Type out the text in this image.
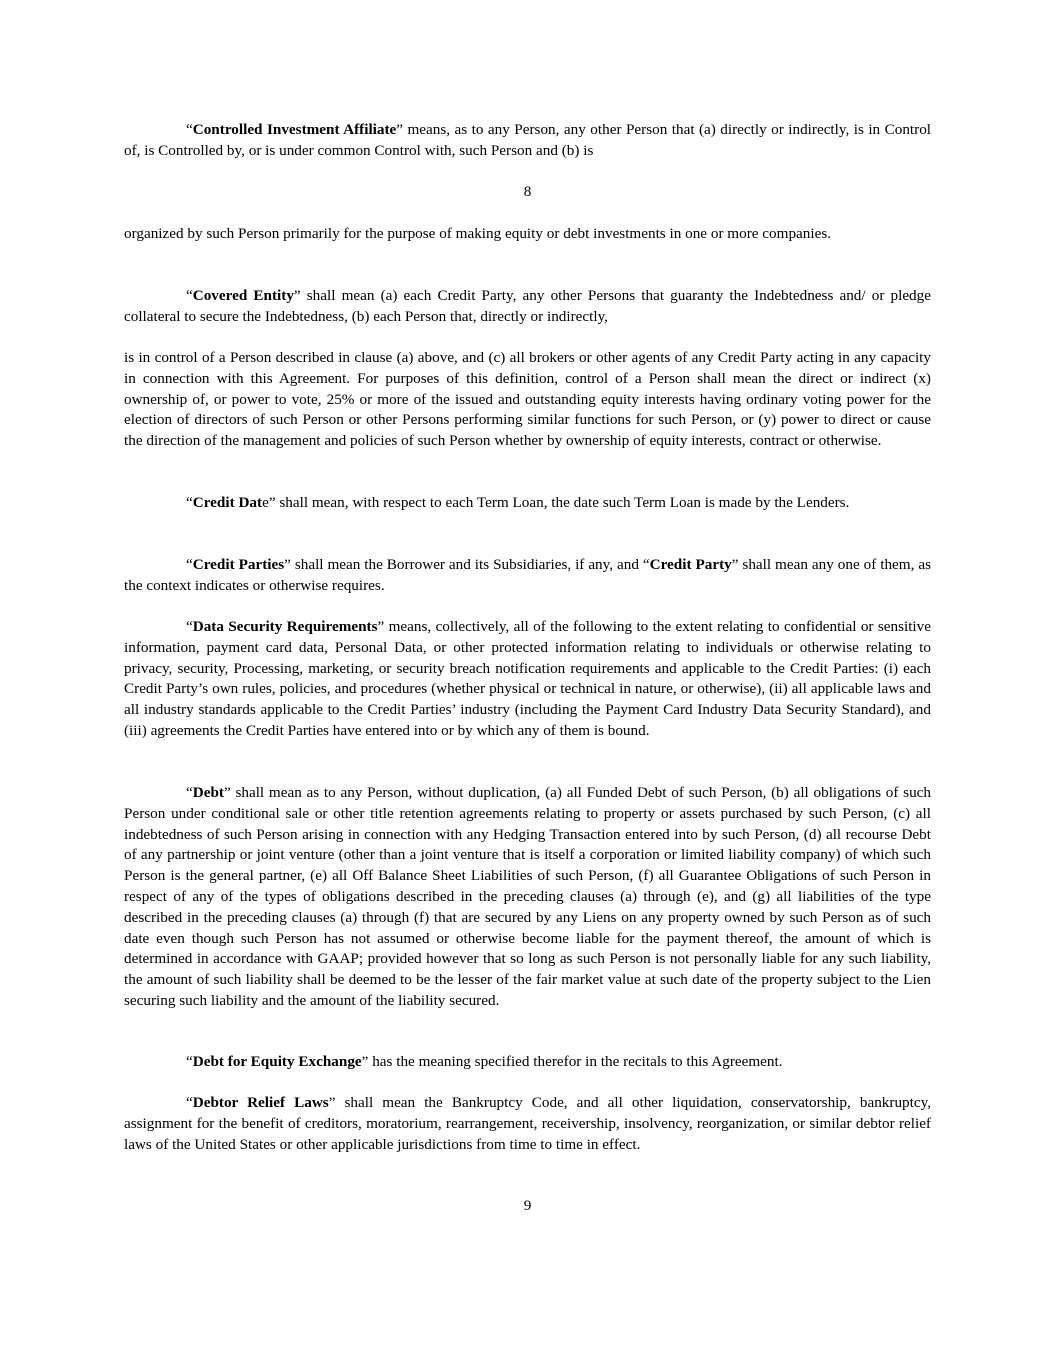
“Controlled Investment Affiliate” means, as to any Person, any other Person that (a) directly or indirectly, is in Control of, is Controlled by, or is under common Control with, such Person and (b) is

8

organized by such Person primarily for the purpose of making equity or debt investments in one or more companies.

“Covered Entity” shall mean (a) each Credit Party, any other Persons that guaranty the Indebtedness and/ or pledge collateral to secure the Indebtedness, (b) each Person that, directly or indirectly,

is in control of a Person described in clause (a) above, and (c) all brokers or other agents of any Credit Party acting in any capacity in connection with this Agreement. For purposes of this definition, control of a Person shall mean the direct or indirect (x) ownership of, or power to vote, 25% or more of the issued and outstanding equity interests having ordinary voting power for the election of directors of such Person or other Persons performing similar functions for such Person, or (y) power to direct or cause the direction of the management and policies of such Person whether by ownership of equity interests, contract or otherwise.

“Credit Date” shall mean, with respect to each Term Loan, the date such Term Loan is made by the Lenders.

“Credit Parties” shall mean the Borrower and its Subsidiaries, if any, and “Credit Party” shall mean any one of them, as the context indicates or otherwise requires.

“Data Security Requirements” means, collectively, all of the following to the extent relating to confidential or sensitive information, payment card data, Personal Data, or other protected information relating to individuals or otherwise relating to privacy, security, Processing, marketing, or security breach notification requirements and applicable to the Credit Parties: (i) each Credit Party’s own rules, policies, and procedures (whether physical or technical in nature, or otherwise), (ii) all applicable laws and all industry standards applicable to the Credit Parties’ industry (including the Payment Card Industry Data Security Standard), and (iii) agreements the Credit Parties have entered into or by which any of them is bound.

“Debt” shall mean as to any Person, without duplication, (a) all Funded Debt of such Person, (b) all obligations of such Person under conditional sale or other title retention agreements relating to property or assets purchased by such Person, (c) all indebtedness of such Person arising in connection with any Hedging Transaction entered into by such Person, (d) all recourse Debt of any partnership or joint venture (other than a joint venture that is itself a corporation or limited liability company) of which such Person is the general partner, (e) all Off Balance Sheet Liabilities of such Person, (f) all Guarantee Obligations of such Person in respect of any of the types of obligations described in the preceding clauses (a) through (e), and (g) all liabilities of the type described in the preceding clauses (a) through (f) that are secured by any Liens on any property owned by such Person as of such date even though such Person has not assumed or otherwise become liable for the payment thereof, the amount of which is determined in accordance with GAAP; provided however that so long as such Person is not personally liable for any such liability, the amount of such liability shall be deemed to be the lesser of the fair market value at such date of the property subject to the Lien securing such liability and the amount of the liability secured.

“Debt for Equity Exchange” has the meaning specified therefor in the recitals to this Agreement.

“Debtor Relief Laws” shall mean the Bankruptcy Code, and all other liquidation, conservatorship, bankruptcy, assignment for the benefit of creditors, moratorium, rearrangement, receivership, insolvency, reorganization, or similar debtor relief laws of the United States or other applicable jurisdictions from time to time in effect.

9
